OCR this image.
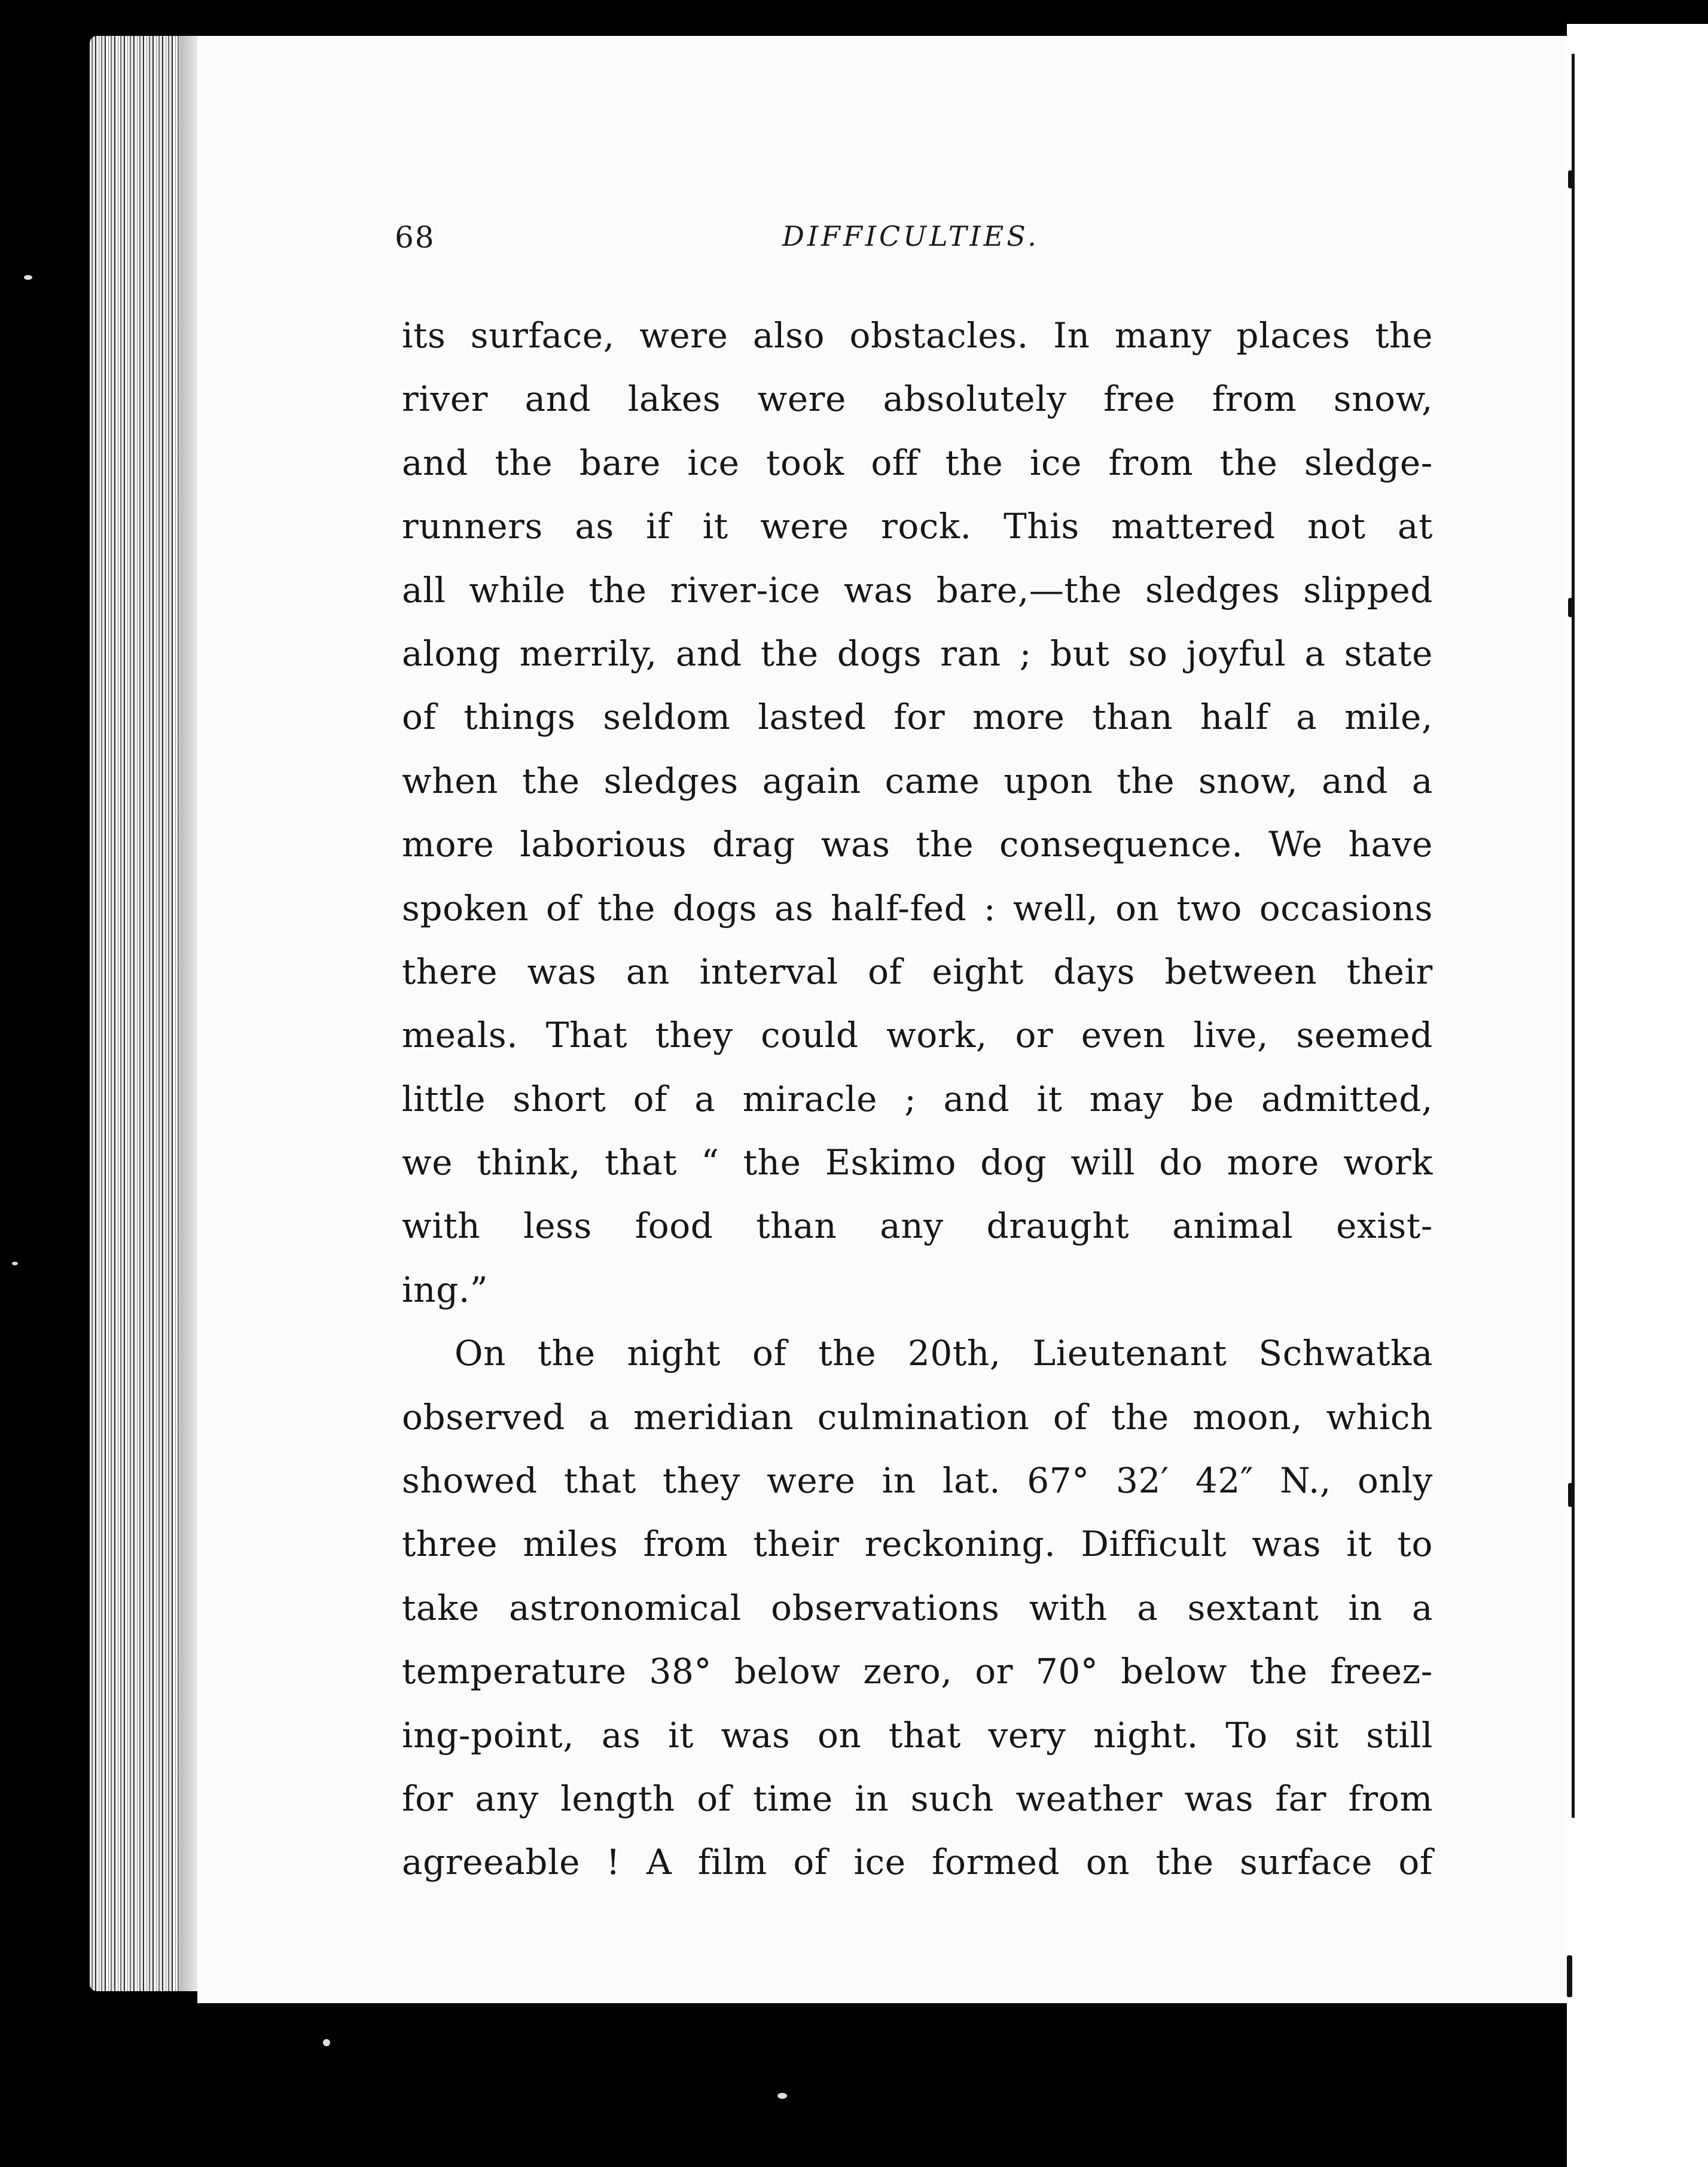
68	DIFFICULTIES.
its surface, were also obstacles. In many places the
river and lakes were absolutely free from snow,
and the bare ice took off the ice from the sledge-
runners as if it were rock. This mattered not at
all while the river-ice was bare,—the sledges slipped
along merrily, and the dogs ran ; but so joyful a state
of things seldom lasted for more than half a mile,
when the sledges again came upon the snow, and a
more laborious drag was the consequence. We have
spoken of the dogs as half-fed : well, on two occasions
there was an interval of eight days between their
meals. That they could work, or even live, seemed
little short of a miracle ; and it may be admitted,
we think, that “ the Eskimo dog will do more work
with less food than any draught animal exist-
ing.”
On the night of the 20th, Lieutenant Schwatka
observed a meridian culmination of the moon, which
showed that they were in lat. 67° 32′ 42″ N., only
three miles from their reckoning. Difficult was it to
take astronomical observations with a sextant in a
temperature 38° below zero, or 70° below the freez-
ing-point, as it was on that very night. To sit still
for any length of time in such weather was far from
agreeable ! A film of ice formed on the surface of
